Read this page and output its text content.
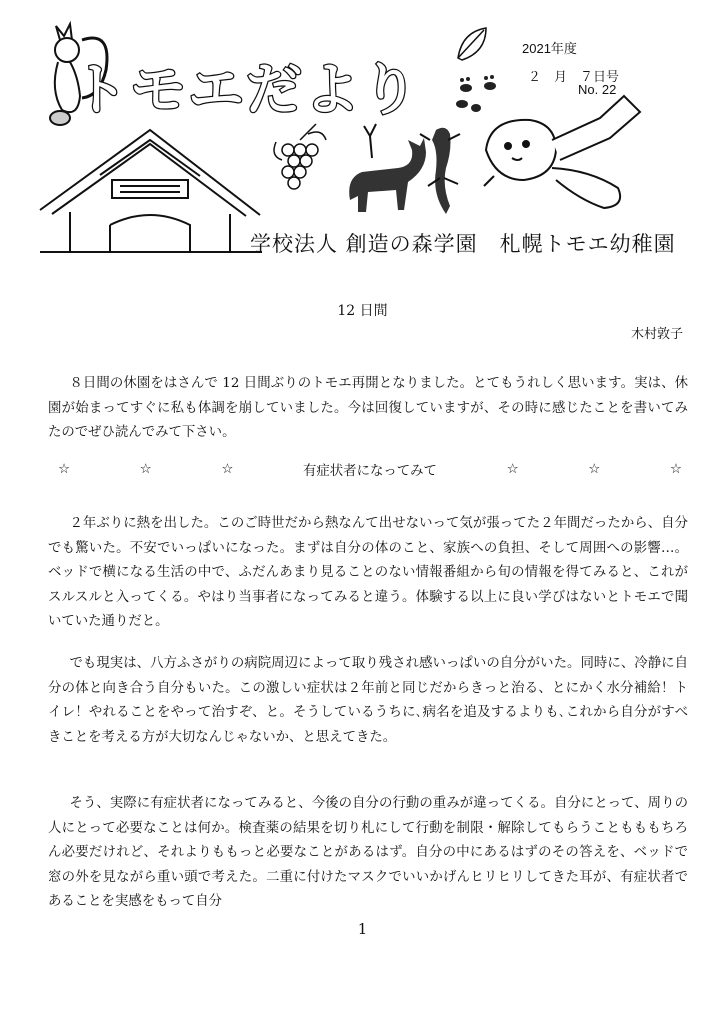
トモエだより
2021年度
２　月　７日号
No. 22
学校法人 創造の森学園　札幌トモエ幼稚園
12 日間
木村敦子

８日間の休園をはさんで 12 日間ぶりのトモエ再開となりました。とてもうれしく思います。実は、休園が始まってすぐに私も体調を崩していました。今は回復していますが、その時に感じたことを書いてみたのでぜひ読んでみて下さい。

☆	☆	☆	有症状者になってみて	☆	☆	☆

２年ぶりに熱を出した。このご時世だから熱なんて出せないって気が張ってた２年間だったから、自分でも驚いた。不安でいっぱいになった。まずは自分の体のこと、家族への負担、そして周囲への影響…。ベッドで横になる生活の中で、ふだんあまり見ることのない情報番組から旬の情報を得てみると、これがスルスルと入ってくる。やはり当事者になってみると違う。体験する以上に良い学びはないとトモエで聞いていた通りだと。

でも現実は、八方ふさがりの病院周辺によって取り残され感いっぱいの自分がいた。同時に、冷静に自分の体と向き合う自分もいた。この激しい症状は２年前と同じだからきっと治る、とにかく水分補給！トイレ！やれることをやって治すぞ、と。そうしているうちに､病名を追及するよりも､これから自分がすべきことを考える方が大切なんじゃないか、と思えてきた。

そう、実際に有症状者になってみると、今後の自分の行動の重みが違ってくる。自分にとって、周りの人にとって必要なことは何か。検査薬の結果を切り札にして行動を制限・解除してもらうこともももちろん必要だけれど、それよりももっと必要なことがあるはず。自分の中にあるはずのその答えを、ベッドで窓の外を見ながら重い頭で考えた。二重に付けたマスクでいいかげんヒリヒリしてきた耳が、有症状者であることを実感をもって自分

1
